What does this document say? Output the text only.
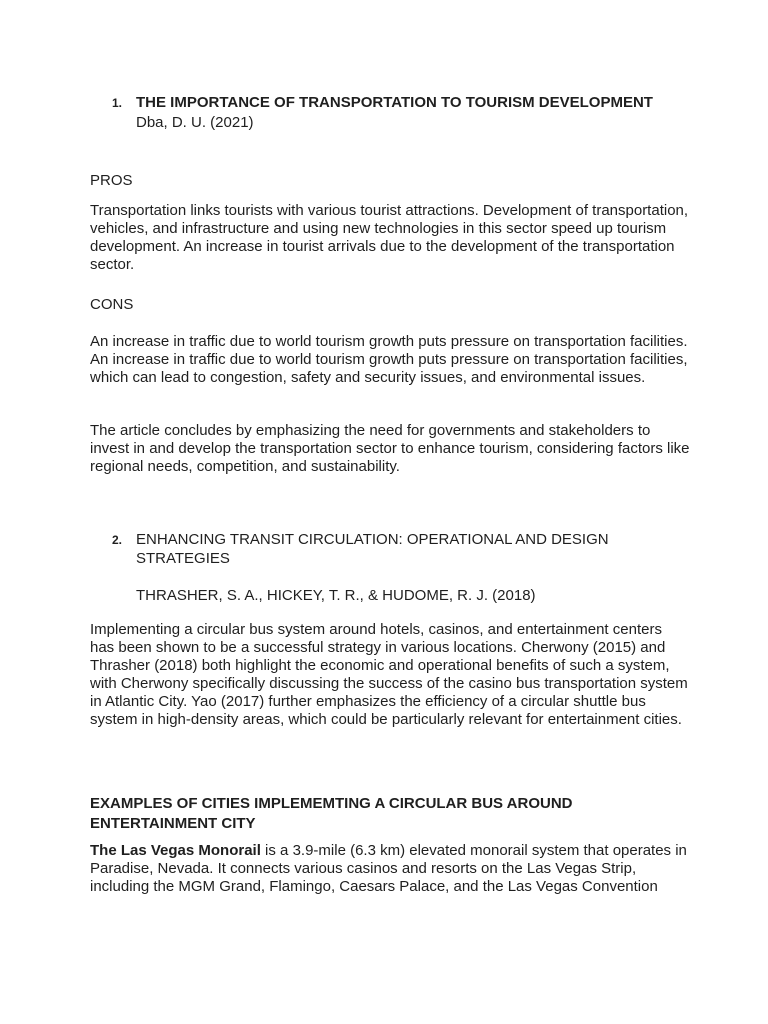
1. THE IMPORTANCE OF TRANSPORTATION TO TOURISM DEVELOPMENT
Dba, D. U. (2021)
PROS
Transportation links tourists with various tourist attractions. Development of transportation, vehicles, and infrastructure and using new technologies in this sector speed up tourism development. An increase in tourist arrivals due to the development of the transportation sector.
CONS
An increase in traffic due to world tourism growth puts pressure on transportation facilities. An increase in traffic due to world tourism growth puts pressure on transportation facilities, which can lead to congestion, safety and security issues, and environmental issues.
The article concludes by emphasizing the need for governments and stakeholders to invest in and develop the transportation sector to enhance tourism, considering factors like regional needs, competition, and sustainability.
2. ENHANCING TRANSIT CIRCULATION: OPERATIONAL AND DESIGN STRATEGIES
THRASHER, S. A., HICKEY, T. R., & HUDOME, R. J. (2018)
Implementing a circular bus system around hotels, casinos, and entertainment centers has been shown to be a successful strategy in various locations. Cherwony (2015) and Thrasher (2018) both highlight the economic and operational benefits of such a system, with Cherwony specifically discussing the success of the casino bus transportation system in Atlantic City. Yao (2017) further emphasizes the efficiency of a circular shuttle bus system in high-density areas, which could be particularly relevant for entertainment cities.
EXAMPLES OF CITIES IMPLEMEMTING A CIRCULAR BUS AROUND ENTERTAINMENT CITY
The Las Vegas Monorail is a 3.9-mile (6.3 km) elevated monorail system that operates in Paradise, Nevada. It connects various casinos and resorts on the Las Vegas Strip, including the MGM Grand, Flamingo, Caesars Palace, and the Las Vegas Convention
